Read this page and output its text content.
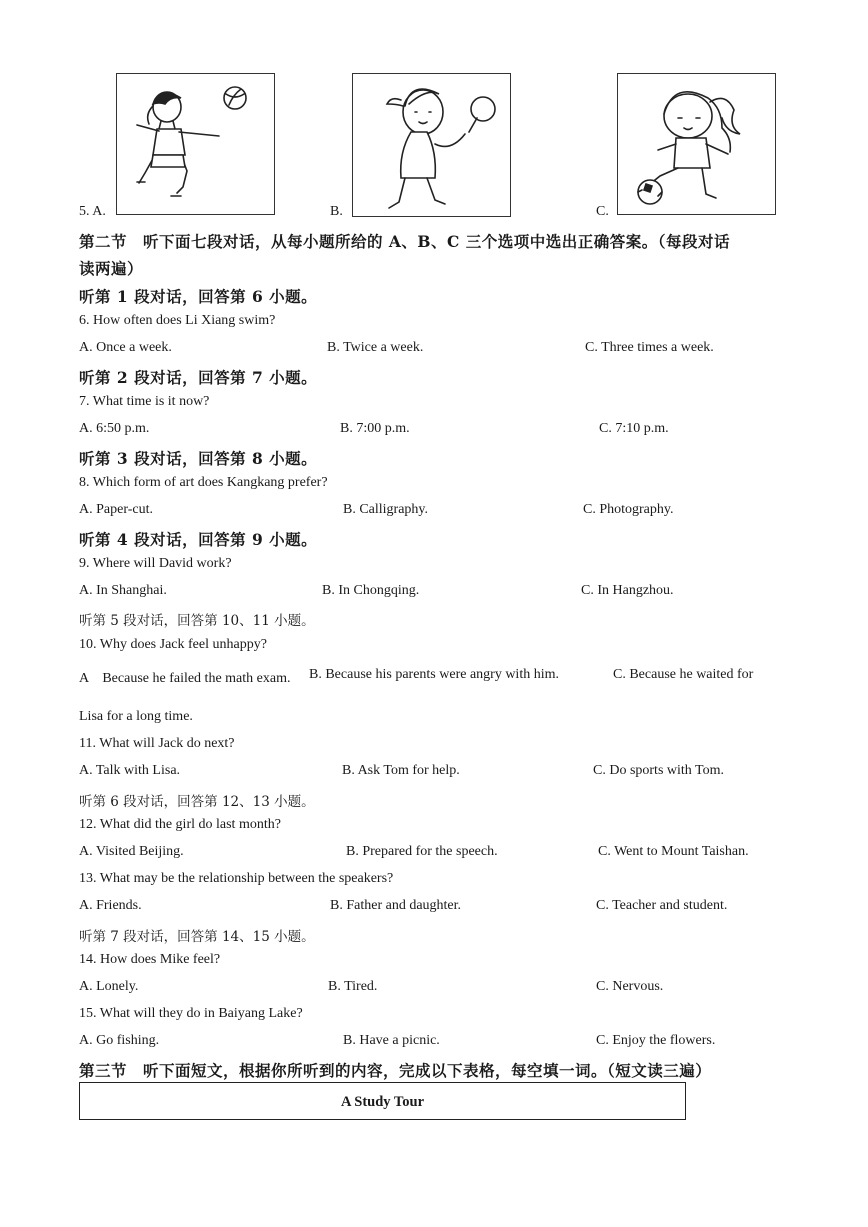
5. A.	B.	C.
第二节　听下面七段对话，从每小题所给的 A、B、C 三个选项中选出正确答案。（每段对话
读两遍）
听第 1 段对话，回答第 6 小题。
6. How often does Li Xiang swim?
A. Once a week.	B. Twice a week.	C. Three times a week.
听第 2 段对话，回答第 7 小题。
7. What time is it now?
A. 6:50 p.m.	B. 7:00 p.m.	C. 7:10 p.m.
听第 3 段对话，回答第 8 小题。
8. Which form of art does Kangkang prefer?
A. Paper-cut.	B. Calligraphy.	C. Photography.
听第 4 段对话，回答第 9 小题。
9. Where will David work?
A. In Shanghai.	B. In Chongqing.	C. In Hangzhou.
听第 5 段对话，回答第 10、11 小题。
10. Why does Jack feel unhappy?
A　Because he failed the math exam. B. Because his parents were angry with him.	C. Because he waited for
Lisa for a long time.
11. What will Jack do next?
A. Talk with Lisa.	B. Ask Tom for help.	C. Do sports with Tom.
听第 6 段对话，回答第 12、13 小题。
12. What did the girl do last month?
A. Visited Beijing.	B. Prepared for the speech.	C. Went to Mount Taishan.
13. What may be the relationship between the speakers?
A. Friends.	B. Father and daughter.	C. Teacher and student.
听第 7 段对话，回答第 14、15 小题。
14. How does Mike feel?
A. Lonely.	B. Tired.	C. Nervous.
15. What will they do in Baiyang Lake?
A. Go fishing.	B. Have a picnic.	C. Enjoy the flowers.
第三节　听下面短文，根据你所听到的内容，完成以下表格，每空填一词。（短文读三遍）
A Study Tour
